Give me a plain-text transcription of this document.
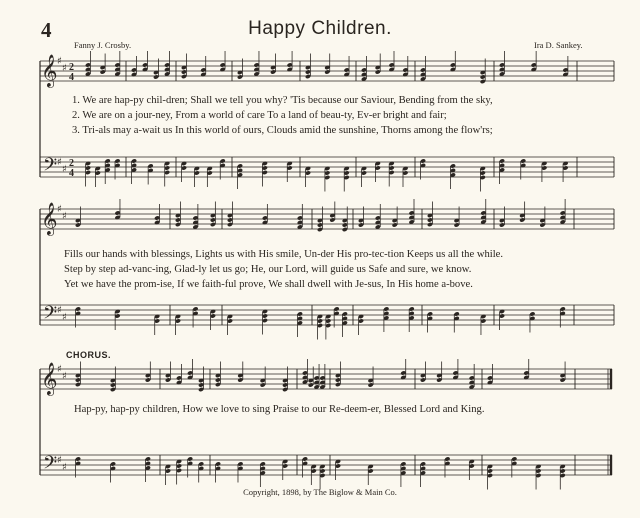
4	Happy Children.
Fanny J. Crosby.	Ira D. Sankey.
𝄞
𝄢
♯
♯
♯
♯
2
4
2
4
𝄞
𝄢
♯
♯
♯
♯
𝄞
𝄢
♯
♯
♯
♯
1. We are hap-py chil-dren; Shall we tell you why? 'Tis because our Saviour, Bending from the sky,
2. We are on a jour-ney, From a world of care To a land of beau-ty, Ev-er bright and fair;
3. Tri-als may a-wait us In this world of ours, Clouds amid the sunshine, Thorns among the flow'rs;
Fills our hands with blessings, Lights us with His smile, Un-der His pro-tec-tion Keeps us all the while.
Step by step ad-vanc-ing, Glad-ly let us go; He, our Lord, will guide us Safe and sure, we know.
Yet we have the prom-ise, If we faith-ful prove, We shall dwell with Je-sus, In His home a-bove.
CHORUS.
Hap-py, hap-py children, How we love to sing Praise to our Re-deem-er, Blessed Lord and King.
Copyright, 1898, by The Biglow & Main Co.
